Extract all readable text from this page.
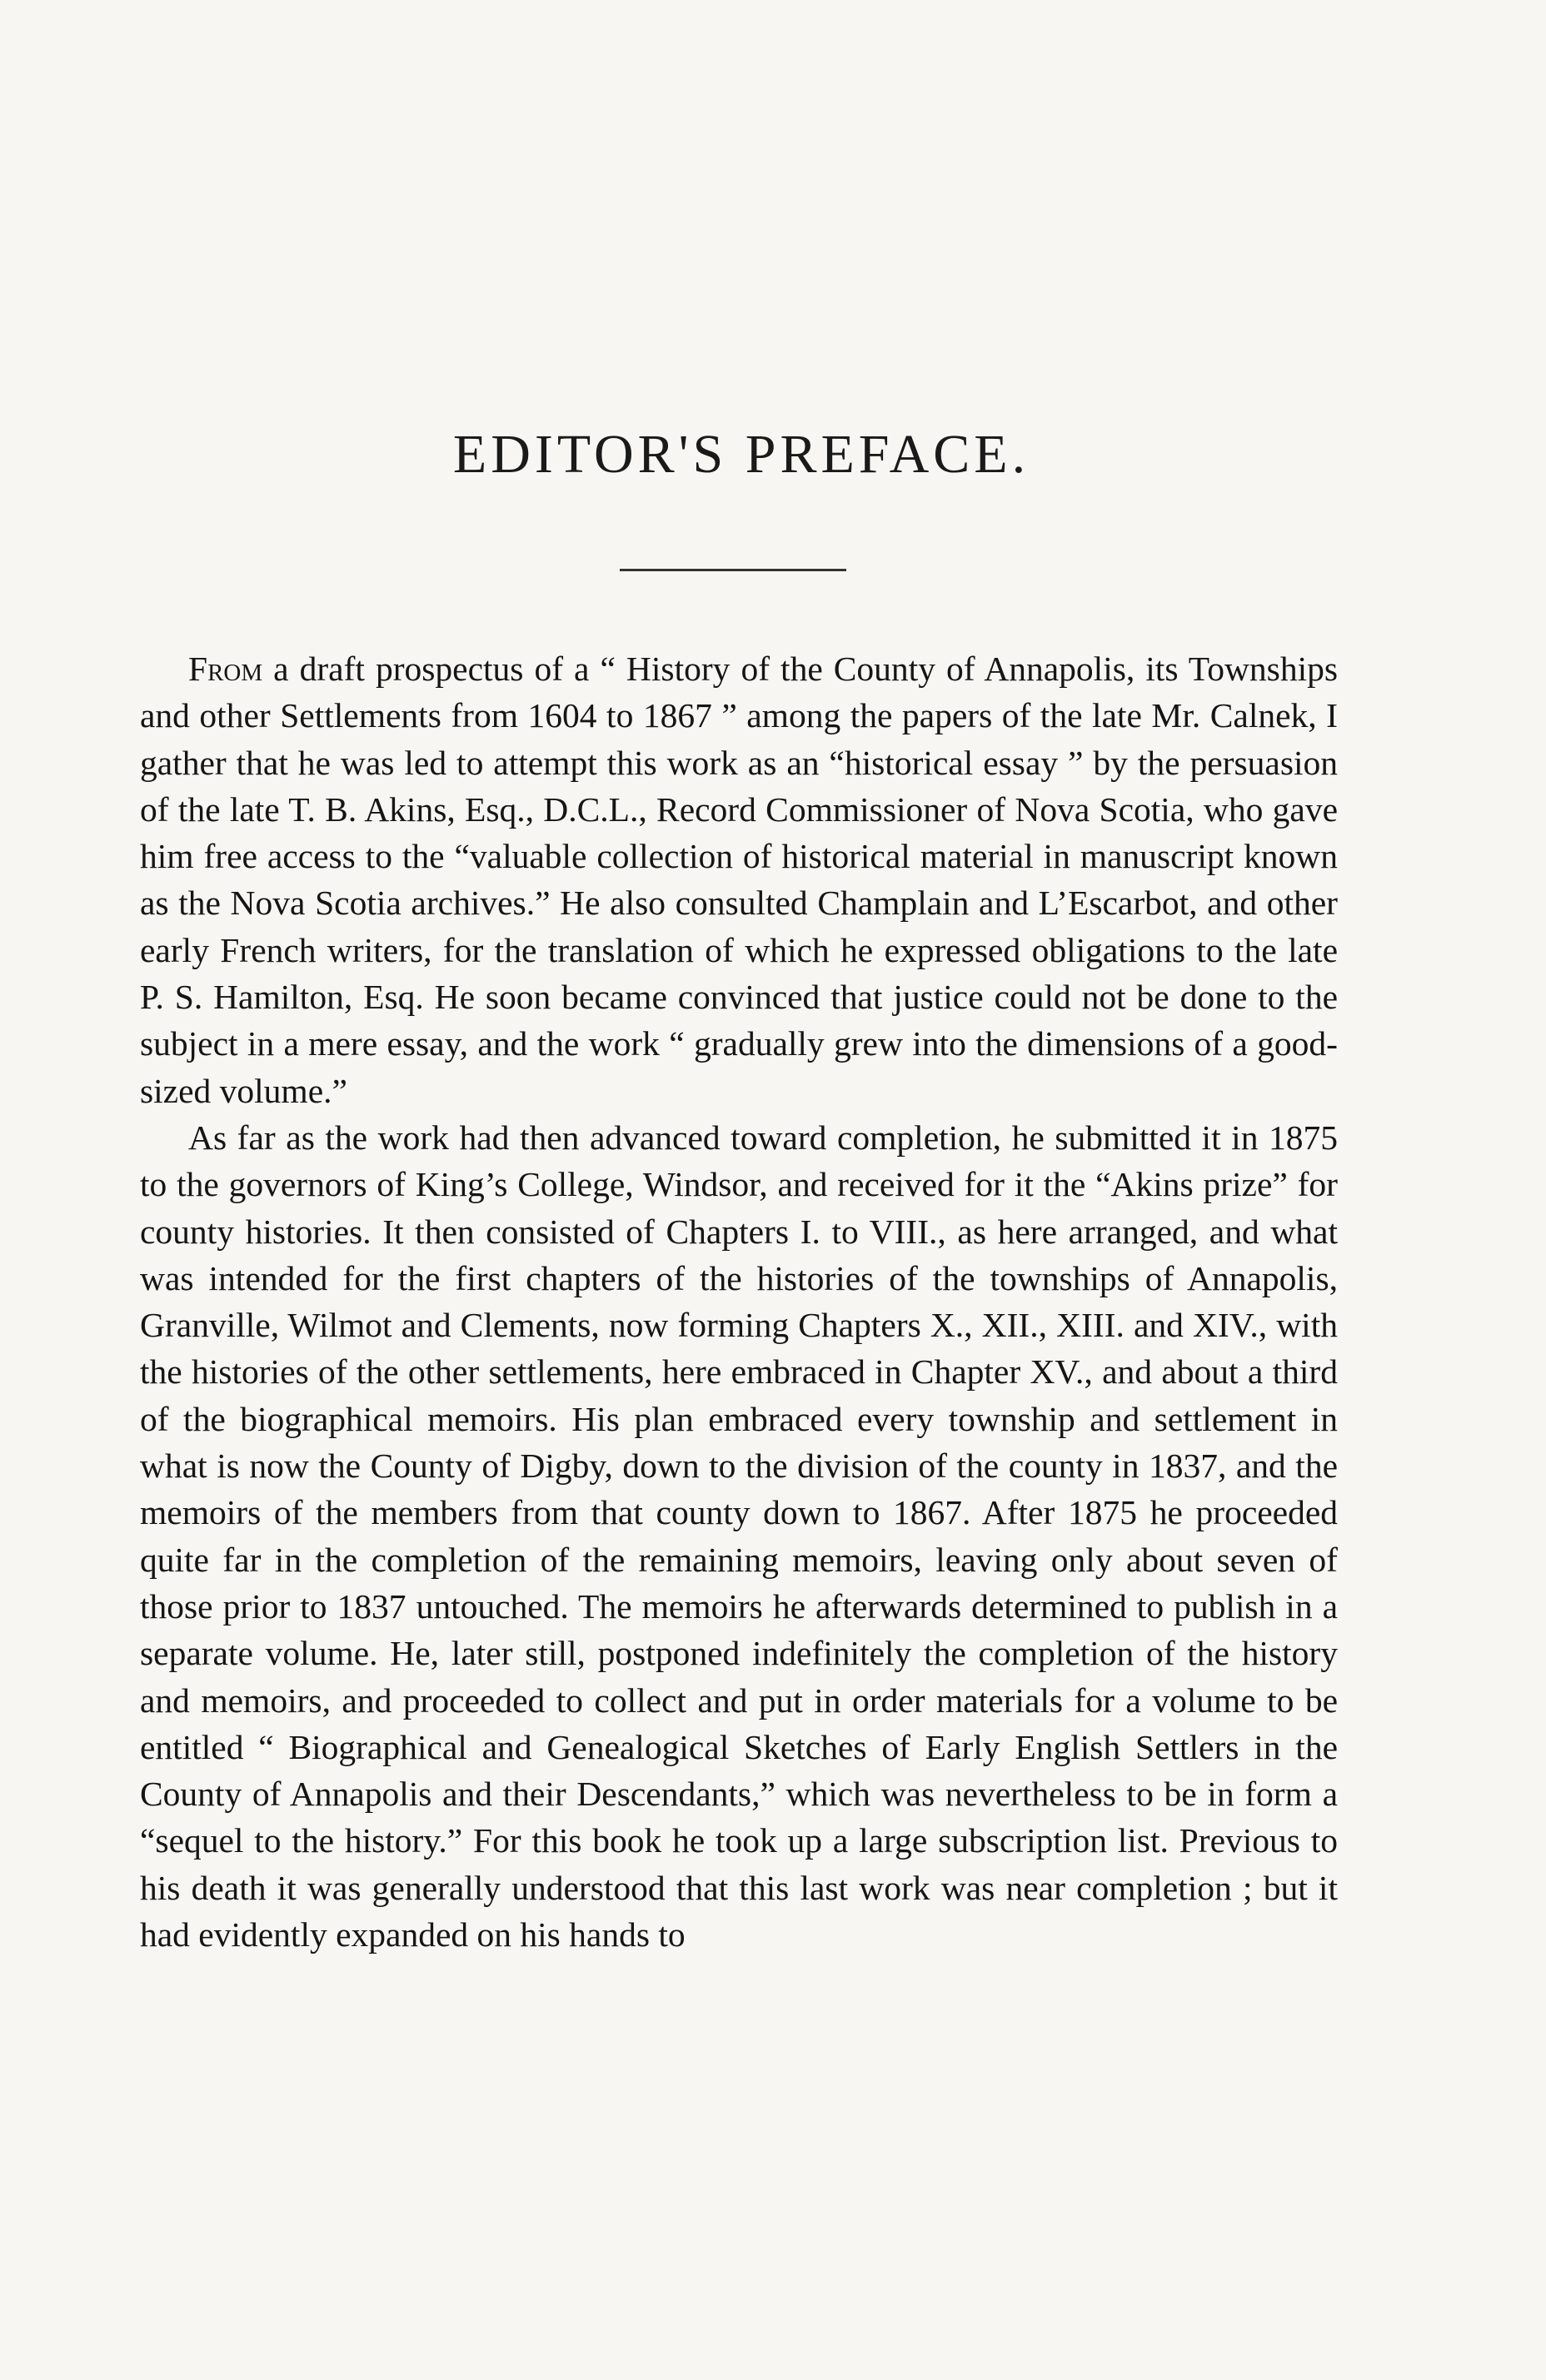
EDITOR'S PREFACE.

From a draft prospectus of a “ History of the County of Annapolis, its Townships and other Settlements from 1604 to 1867 ” among the papers of the late Mr. Calnek, I gather that he was led to attempt this work as an “historical essay ” by the persuasion of the late T. B. Akins, Esq., D.C.L., Record Commissioner of Nova Scotia, who gave him free access to the “valuable collection of historical material in manuscript known as the Nova Scotia archives.” He also consulted Champlain and L’Escarbot, and other early French writers, for the translation of which he expressed obligations to the late P. S. Hamilton, Esq. He soon became convinced that justice could not be done to the subject in a mere essay, and the work “ gradually grew into the dimensions of a good-sized volume.”

As far as the work had then advanced toward completion, he submitted it in 1875 to the governors of King’s College, Windsor, and received for it the “Akins prize” for county histories. It then consisted of Chapters I. to VIII., as here arranged, and what was intended for the first chapters of the histories of the townships of Annapolis, Granville, Wilmot and Clements, now forming Chapters X., XII., XIII. and XIV., with the histories of the other settlements, here embraced in Chapter XV., and about a third of the biographical memoirs. His plan embraced every township and settlement in what is now the County of Digby, down to the division of the county in 1837, and the memoirs of the members from that county down to 1867. After 1875 he proceeded quite far in the completion of the remaining memoirs, leaving only about seven of those prior to 1837 untouched. The memoirs he afterwards determined to publish in a separate volume. He, later still, postponed indefinitely the completion of the history and memoirs, and proceeded to collect and put in order materials for a volume to be entitled “ Biographical and Genealogical Sketches of Early English Settlers in the County of Annapolis and their Descendants,” which was nevertheless to be in form a “sequel to the history.” For this book he took up a large subscription list. Previous to his death it was generally understood that this last work was near completion ; but it had evidently expanded on his hands to
